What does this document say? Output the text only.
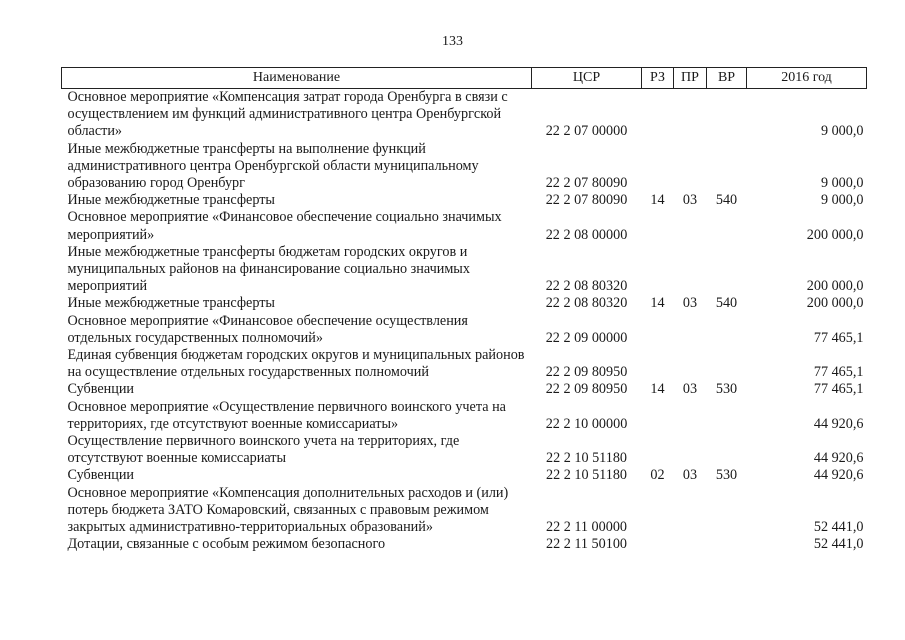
133
Наименование	ЦСР	РЗ	ПР	ВР	2016 год
Основное мероприятие «Компенсация затрат города Оренбурга в связи с осуществлением им функций административного центра Оренбургской области»	22 2 07 00000				9 000,0
Иные межбюджетные трансферты на выполнение функций административного центра Оренбургской области муниципальному образованию город Оренбург	22 2 07 80090				9 000,0
Иные межбюджетные трансферты	22 2 07 80090	14	03	540	9 000,0
Основное мероприятие «Финансовое обеспечение социально значимых мероприятий»	22 2 08 00000				200 000,0
Иные межбюджетные трансферты бюджетам городских округов и муниципальных районов на финансирование социально значимых мероприятий	22 2 08 80320				200 000,0
Иные межбюджетные трансферты	22 2 08 80320	14	03	540	200 000,0
Основное мероприятие «Финансовое обеспечение осуществления отдельных государственных полномочий»	22 2 09 00000				77 465,1
Единая субвенция бюджетам городских округов и муниципальных районов на осуществление отдельных государственных полномочий	22 2 09 80950				77 465,1
Субвенции	22 2 09 80950	14	03	530	77 465,1
Основное мероприятие «Осуществление первичного воинского учета на территориях, где отсутствуют военные комиссариаты»	22 2 10 00000				44 920,6
Осуществление первичного воинского учета на территориях, где отсутствуют военные комиссариаты	22 2 10 51180				44 920,6
Субвенции	22 2 10 51180	02	03	530	44 920,6
Основное мероприятие «Компенсация дополнительных расходов и (или) потерь бюджета ЗАТО Комаровский, связанных с правовым режимом закрытых административно-территориальных образований»	22 2 11 00000				52 441,0
Дотации, связанные с особым режимом безопасного	22 2 11 50100				52 441,0
